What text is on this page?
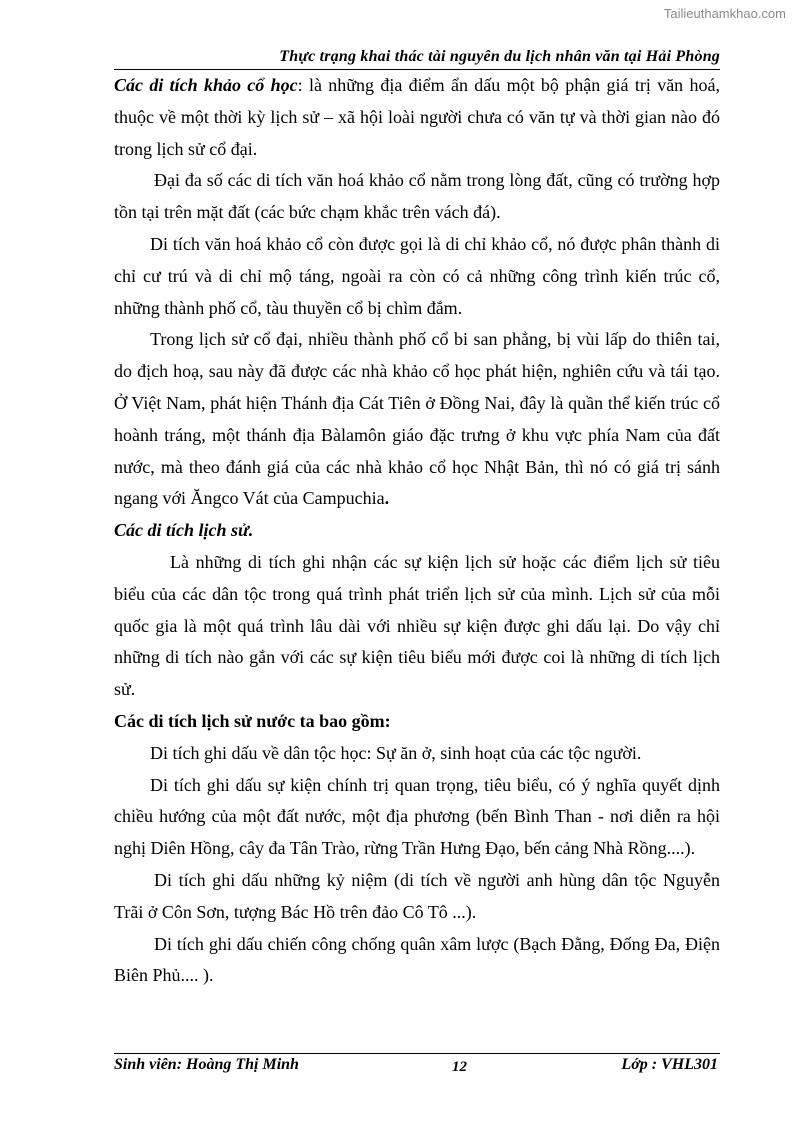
Tailieuthamkhao.com
Thực trạng khai thác tài nguyên du lịch nhân văn tại Hải Phòng

Các di tích khảo cổ học: là những địa điểm ẩn dấu một bộ phận giá trị văn hoá, thuộc về một thời kỳ lịch sử – xã hội loài người chưa có văn tự và thời gian nào đó trong lịch sử cổ đại.

Đại đa số các di tích văn hoá khảo cổ nằm trong lòng đất, cũng có trường hợp tồn tại trên mặt đất (các bức chạm khắc trên vách đá).

Di tích văn hoá khảo cổ còn được gọi là di chỉ khảo cổ, nó được phân thành di chỉ cư trú và di chỉ mộ táng, ngoài ra còn có cả những công trình kiến trúc cổ, những thành phố cổ, tàu thuyền cổ bị chìm đắm.

Trong lịch sử cổ đại, nhiều thành phố cổ bi san phẳng, bị vùi lấp do thiên tai, do địch hoạ, sau này đã được các nhà khảo cổ học phát hiện, nghiên cứu và tái tạo. Ở Việt Nam, phát hiện Thánh địa Cát Tiên ở Đồng Nai, đây là quần thể kiến trúc cổ hoành tráng, một thánh địa Bàlamôn giáo đặc trưng ở khu vực phía Nam của đất nước, mà theo đánh giá của các nhà khảo cổ học Nhật Bản, thì nó có giá trị sánh ngang với Ăngco Vát của Campuchia.

Các di tích lịch sử.

Là những di tích ghi nhận các sự kiện lịch sử hoặc các điểm lịch sử tiêu biểu của các dân tộc trong quá trình phát triển lịch sử của mình. Lịch sử của mỗi quốc gia là một quá trình lâu dài với nhiều sự kiện được ghi dấu lại. Do vậy chỉ những di tích nào gắn với các sự kiện tiêu biểu mới được coi là những di tích lịch sử.

Các di tích lịch sử nước ta bao gồm:

Di tích ghi dấu về dân tộc học: Sự ăn ở, sinh hoạt của các tộc người.

Di tích ghi dấu sự kiện chính trị quan trọng, tiêu biểu, có ý nghĩa quyết dịnh chiều hướng của một đất nước, một địa phương (bến Bình Than - nơi diễn ra hội nghị Diên Hồng, cây đa Tân Trào, rừng Trần Hưng Đạo, bến cảng Nhà Rồng....).

Di tích ghi dấu những kỷ niệm (di tích về người anh hùng dân tộc Nguyễn Trãi ở Côn Sơn, tượng Bác Hồ trên đảo Cô Tô ...).

Di tích ghi dấu chiến công chống quân xâm lược (Bạch Đằng, Đống Đa, Điện Biên Phủ.... ).

Sinh viên: Hoàng Thị Minh	12	Lớp : VHL301
